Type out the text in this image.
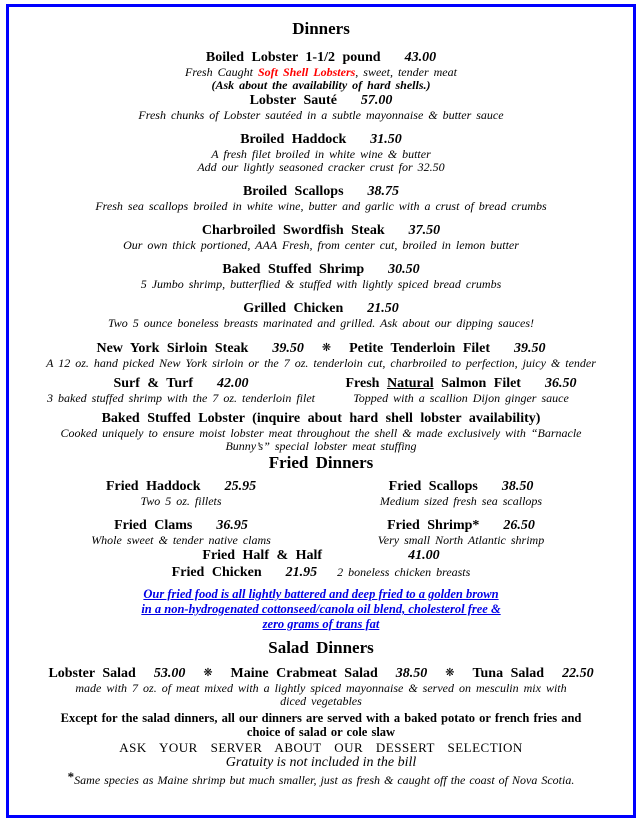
Dinners
Boiled Lobster 1-1/2 pound 43.00
Fresh Caught Soft Shell Lobsters, sweet, tender meat
(Ask about the availability of hard shells.)
Lobster Sauté 57.00
Fresh chunks of Lobster sautéed in a subtle mayonnaise & butter sauce
Broiled Haddock 31.50
A fresh filet broiled in white wine & butter
Add our lightly seasoned cracker crust for 32.50
Broiled Scallops 38.75
Fresh sea scallops broiled in white wine, butter and garlic with a crust of bread crumbs
Charbroiled Swordfish Steak 37.50
Our own thick portioned, AAA Fresh, from center cut, broiled in lemon butter
Baked Stuffed Shrimp 30.50
5 Jumbo shrimp, butterflied & stuffed with lightly spiced bread crumbs
Grilled Chicken 21.50
Two 5 ounce boneless breasts marinated and grilled. Ask about our dipping sauces!
New York Sirloin Steak 39.50 ❋ Petite Tenderloin Filet 39.50
A 12 oz. hand picked New York sirloin or the 7 oz. tenderloin cut, charbroiled to perfection, juicy & tender
Surf & Turf 42.00
3 baked stuffed shrimp with the 7 oz. tenderloin filet
Fresh Natural Salmon Filet 36.50
Topped with a scallion Dijon ginger sauce
Baked Stuffed Lobster (inquire about hard shell lobster availability)
Cooked uniquely to ensure moist lobster meat throughout the shell & made exclusively with “Barnacle Bunny’s” special lobster meat stuffing
Fried Dinners
Fried Haddock 25.95
Two 5 oz. fillets
Fried Scallops 38.50
Medium sized fresh sea scallops
Fried Clams 36.95
Whole sweet & tender native clams
Fried Shrimp* 26.50
Very small North Atlantic shrimp
Fried Half & Half	41.00
Fried Chicken 21.95 2 boneless chicken breasts
Our fried food is all lightly battered and deep fried to a golden brown
in a non-hydrogenated cottonseed/canola oil blend, cholesterol free &
zero grams of trans fat
Salad Dinners
Lobster Salad 53.00 ❋ Maine Crabmeat Salad 38.50 ❋ Tuna Salad 22.50
made with 7 oz. of meat mixed with a lightly spiced mayonnaise & served on mesculin mix with diced vegetables
Except for the salad dinners, all our dinners are served with a baked potato or french fries and choice of salad or cole slaw
ASK YOUR SERVER ABOUT OUR DESSERT SELECTION
Gratuity is not included in the bill
*Same species as Maine shrimp but much smaller, just as fresh & caught off the coast of Nova Scotia.
